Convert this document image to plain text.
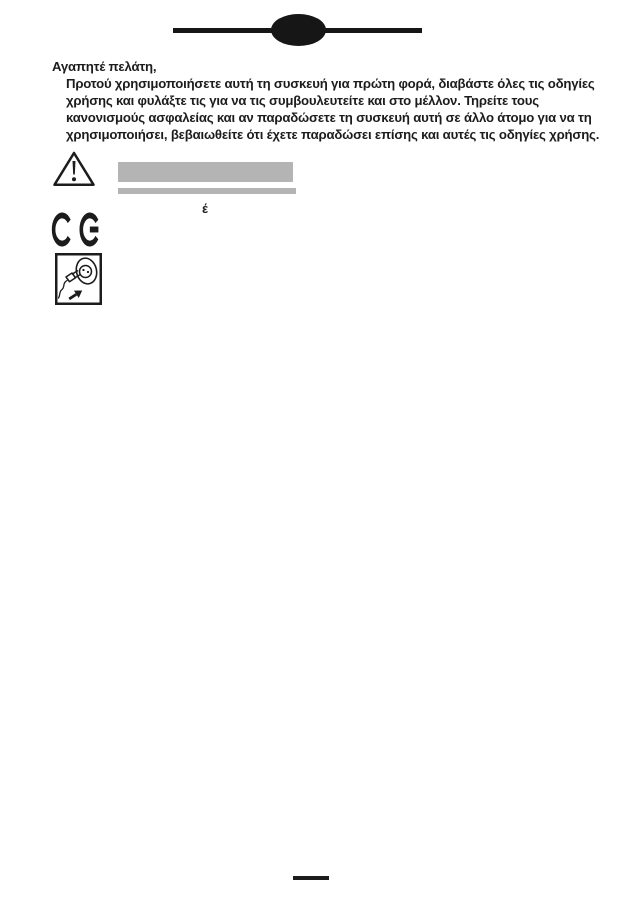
Αγαπητέ πελάτη,
Προτού χρησιμοποιήσετε αυτή τη συσκευή για πρώτη φορά, διαβάστε όλες τις οδηγίες
χρήσης και φυλάξτε τις για να τις συμβουλευτείτε και στο μέλλον. Τηρείτε τους
κανονισμούς ασφαλείας και αν παραδώσετε τη συσκευή αυτή σε άλλο άτομο για να τη
χρησιμοποιήσει, βεβαιωθείτε ότι έχετε παραδώσει επίσης και αυτές τις οδηγίες χρήσης.
έ
